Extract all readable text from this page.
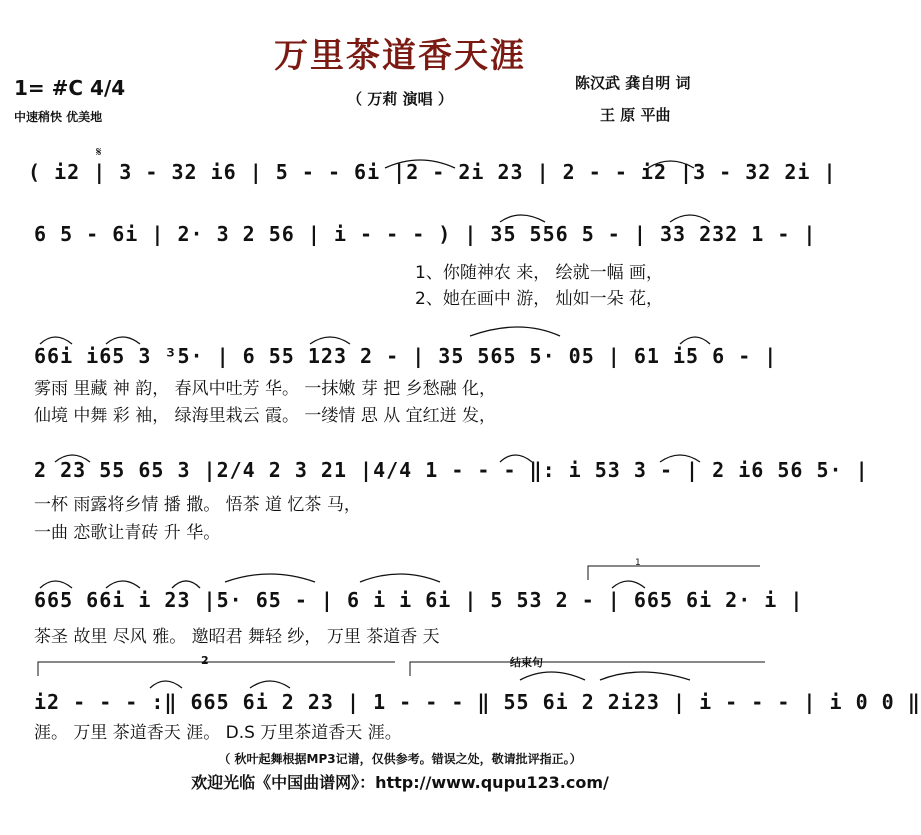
万里茶道香天涯
（ 万莉 演唱 ）
1= #C 4/4
中速稍快 优美地
陈汉武 龚自明 词
王 原 平曲
𝄋
1
2	结束句
( i2 | 3 - 32 i6 | 5 - - 6i |2 - 2i 23 | 2 - - i2 |3 - 32 2i |
6 5 - 6i | 2· 3 2 56 | i - - - ) | 35 556 5 - | 33 232 1 - |
1、你随神农 来， 绘就一幅 画，
2、她在画中 游， 灿如一朵 花，
66i i65 3 ³5· | 6 55 123 2 - | 35 565 5· 05 | 61 i5 6 - |
雾雨 里藏 神 韵， 春风中吐芳 华。 一抹嫩 芽 把 乡愁融 化，
仙境 中舞 彩 袖， 绿海里栽云 霞。 一缕情 思 从 宜红迸 发，
2 23 55 65 3 |2/4 2 3 21 |4/4 1 - - - ‖: i 53 3 - | 2 i6 56 5· |
一杯 雨露将乡情 播 撒。 悟茶 道 忆茶 马，
一曲 恋歌让青砖 升 华。
665 66i i 23 |5· 65 - | 6 i i 6i | 5 53 2 - | 665 6i 2· i |
茶圣 故里 尽风 雅。 邀昭君 舞轻 纱， 万里 茶道香 天
i2 - - - :‖ 665 6i 2 23 | 1 - - - ‖ 55 6i 2 2i23 | i - - - | i 0 0 ‖
涯。 万里 茶道香天 涯。 D.S 万里茶道香天 涯。
（ 秋叶起舞根据MP3记谱，仅供参考。错误之处，敬请批评指正。）
欢迎光临《中国曲谱网》：http://www.qupu123.com/
